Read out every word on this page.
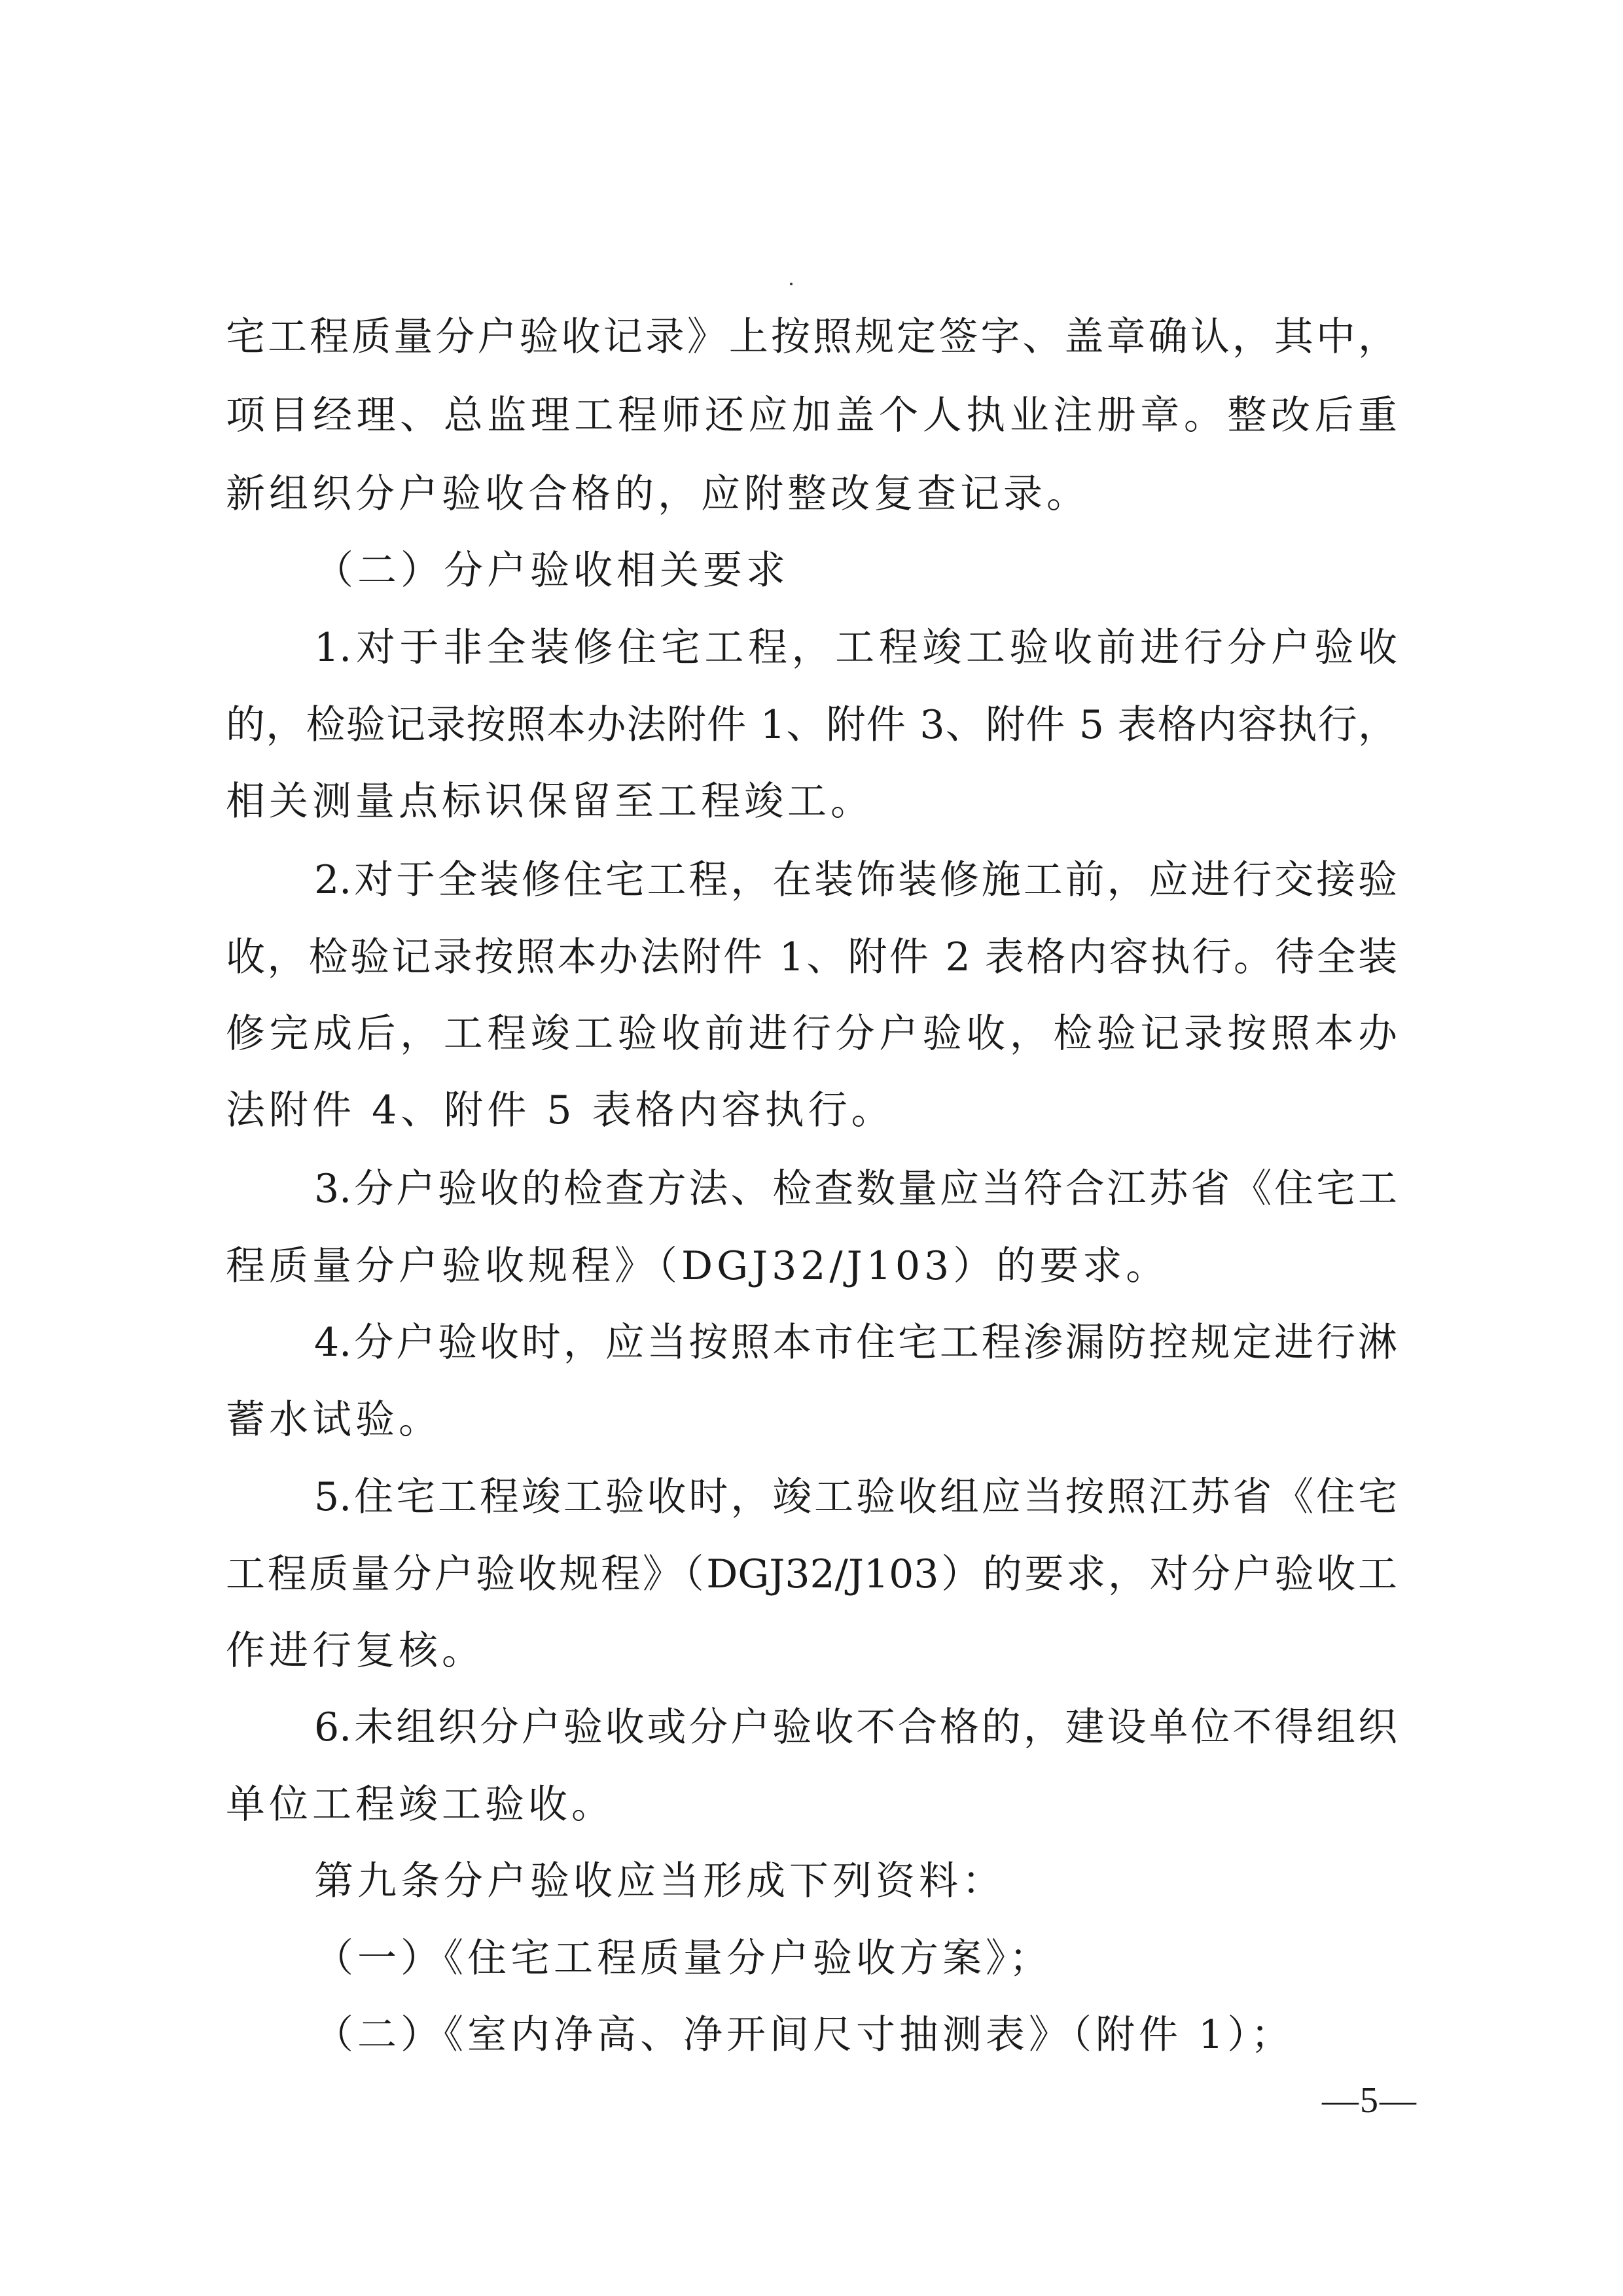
宅工程质量分户验收记录》上按照规定签字、盖章确认，其中，
项目经理、总监理工程师还应加盖个人执业注册章。整改后重
新组织分户验收合格的，应附整改复查记录。
（二）分户验收相关要求
1.对于非全装修住宅工程，工程竣工验收前进行分户验收
的，检验记录按照本办法附件 1、附件 3、附件 5 表格内容执行，
相关测量点标识保留至工程竣工。
2.对于全装修住宅工程，在装饰装修施工前，应进行交接验
收，检验记录按照本办法附件 1、附件 2 表格内容执行。待全装
修完成后，工程竣工验收前进行分户验收，检验记录按照本办
法附件 4、附件 5 表格内容执行。
3.分户验收的检查方法、检查数量应当符合江苏省《住宅工
程质量分户验收规程》（DGJ32/J103）的要求。
4.分户验收时，应当按照本市住宅工程渗漏防控规定进行淋
蓄水试验。
5.住宅工程竣工验收时，竣工验收组应当按照江苏省《住宅
工程质量分户验收规程》（DGJ32/J103）的要求，对分户验收工
作进行复核。
6.未组织分户验收或分户验收不合格的，建设单位不得组织
单位工程竣工验收。
第九条分户验收应当形成下列资料：
（一）《住宅工程质量分户验收方案》；
（二）《室内净高、净开间尺寸抽测表》（附件 1）；
—5—
